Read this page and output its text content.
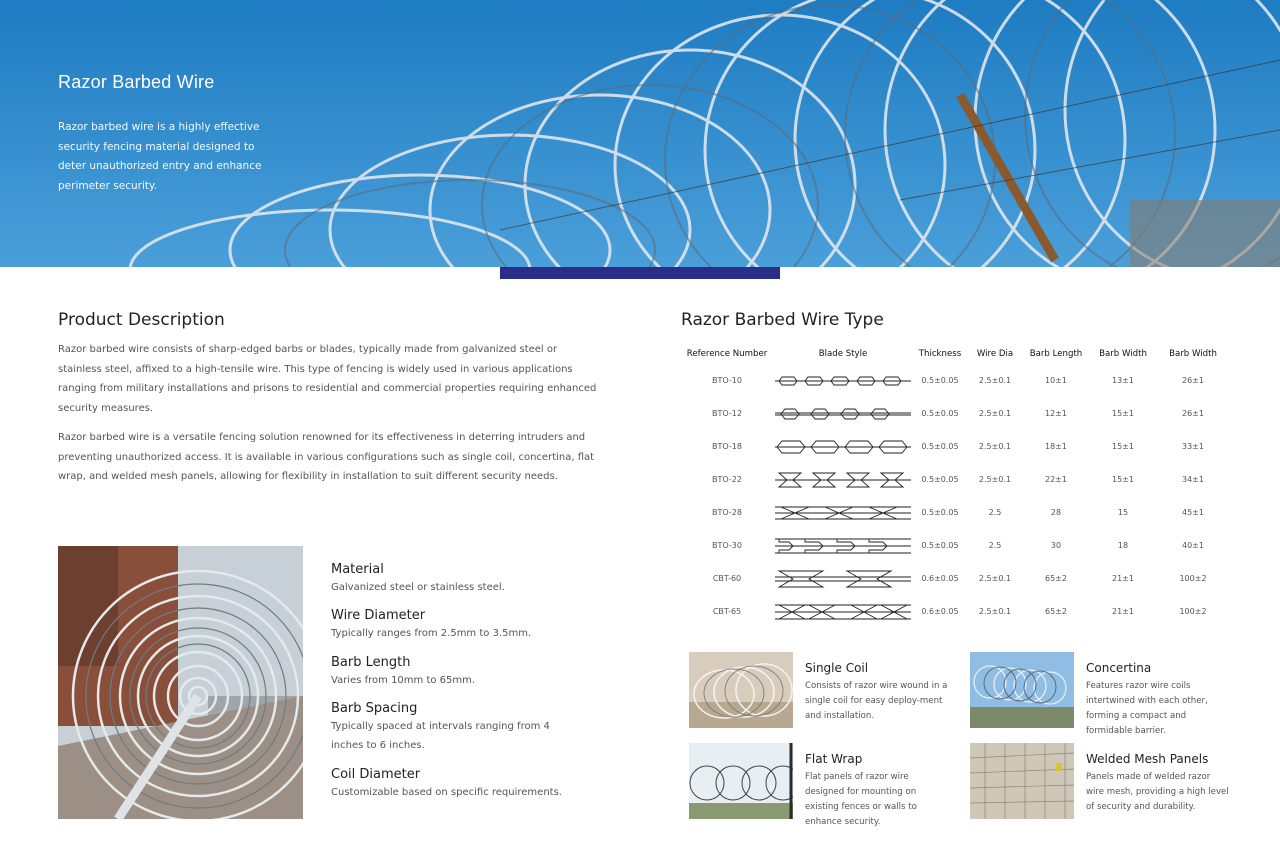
Razor Barbed Wire
Razor barbed wire is a highly effective security fencing material designed to deter unauthorized entry and enhance perimeter security.
Product Description

Razor barbed wire consists of sharp-edged barbs or blades, typically made from galvanized steel or stainless steel, affixed to a high-tensile wire. This type of fencing is widely used in various applications ranging from military installations and prisons to residential and commercial properties requiring enhanced security measures.

Razor barbed wire is a versatile fencing solution renowned for its effectiveness in deterring intruders and preventing unauthorized access. It is available in various configurations such as single coil, concertina, flat wrap, and welded mesh panels, allowing for flexibility in installation to suit different security needs.

Material
Galvanized steel or stainless steel.
Wire Diameter
Typically ranges from 2.5mm to 3.5mm.
Barb Length
Varies from 10mm to 65mm.
Barb Spacing
Typically spaced at intervals ranging from 4 inches to 6 inches.
Coil Diameter
Customizable based on specific requirements.
Razor Barbed Wire Type
Reference Number	Blade Style	Thickness	Wire Dia	Barb Length	Barb Width	Barb Width
BTO-10		0.5±0.05	2.5±0.1	10±1	13±1	26±1
BTO-12		0.5±0.05	2.5±0.1	12±1	15±1	26±1
BTO-18		0.5±0.05	2.5±0.1	18±1	15±1	33±1
BTO-22		0.5±0.05	2.5±0.1	22±1	15±1	34±1
BTO-28		0.5±0.05	2.5	28	15	45±1
BTO-30		0.5±0.05	2.5	30	18	40±1
CBT-60		0.6±0.05	2.5±0.1	65±2	21±1	100±2
CBT-65		0.6±0.05	2.5±0.1	65±2	21±1	100±2
Single Coil
Consists of razor wire wound in a single coil for easy deploy-ment and installation.
Concertina
Features razor wire coils intertwined with each other, forming a compact and formidable barrier.
Flat Wrap
Flat panels of razor wire designed for mounting on existing fences or walls to enhance security.
Welded Mesh Panels
Panels made of welded razor wire mesh, providing a high level of security and durability.
